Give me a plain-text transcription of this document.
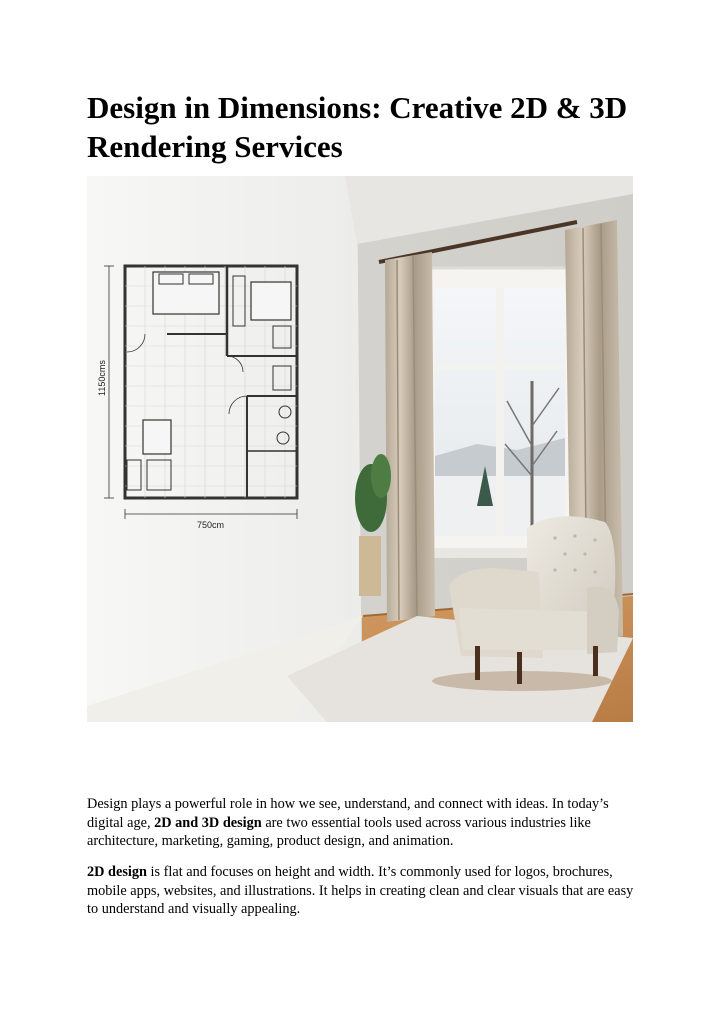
Design in Dimensions: Creative 2D & 3D Rendering Services
1150cms
750cm

Design plays a powerful role in how we see, understand, and connect with ideas. In today’s digital age, 2D and 3D design are two essential tools used across various industries like architecture, marketing, gaming, product design, and animation.

2D design is flat and focuses on height and width. It’s commonly used for logos, brochures, mobile apps, websites, and illustrations. It helps in creating clean and clear visuals that are easy to understand and visually appealing.
